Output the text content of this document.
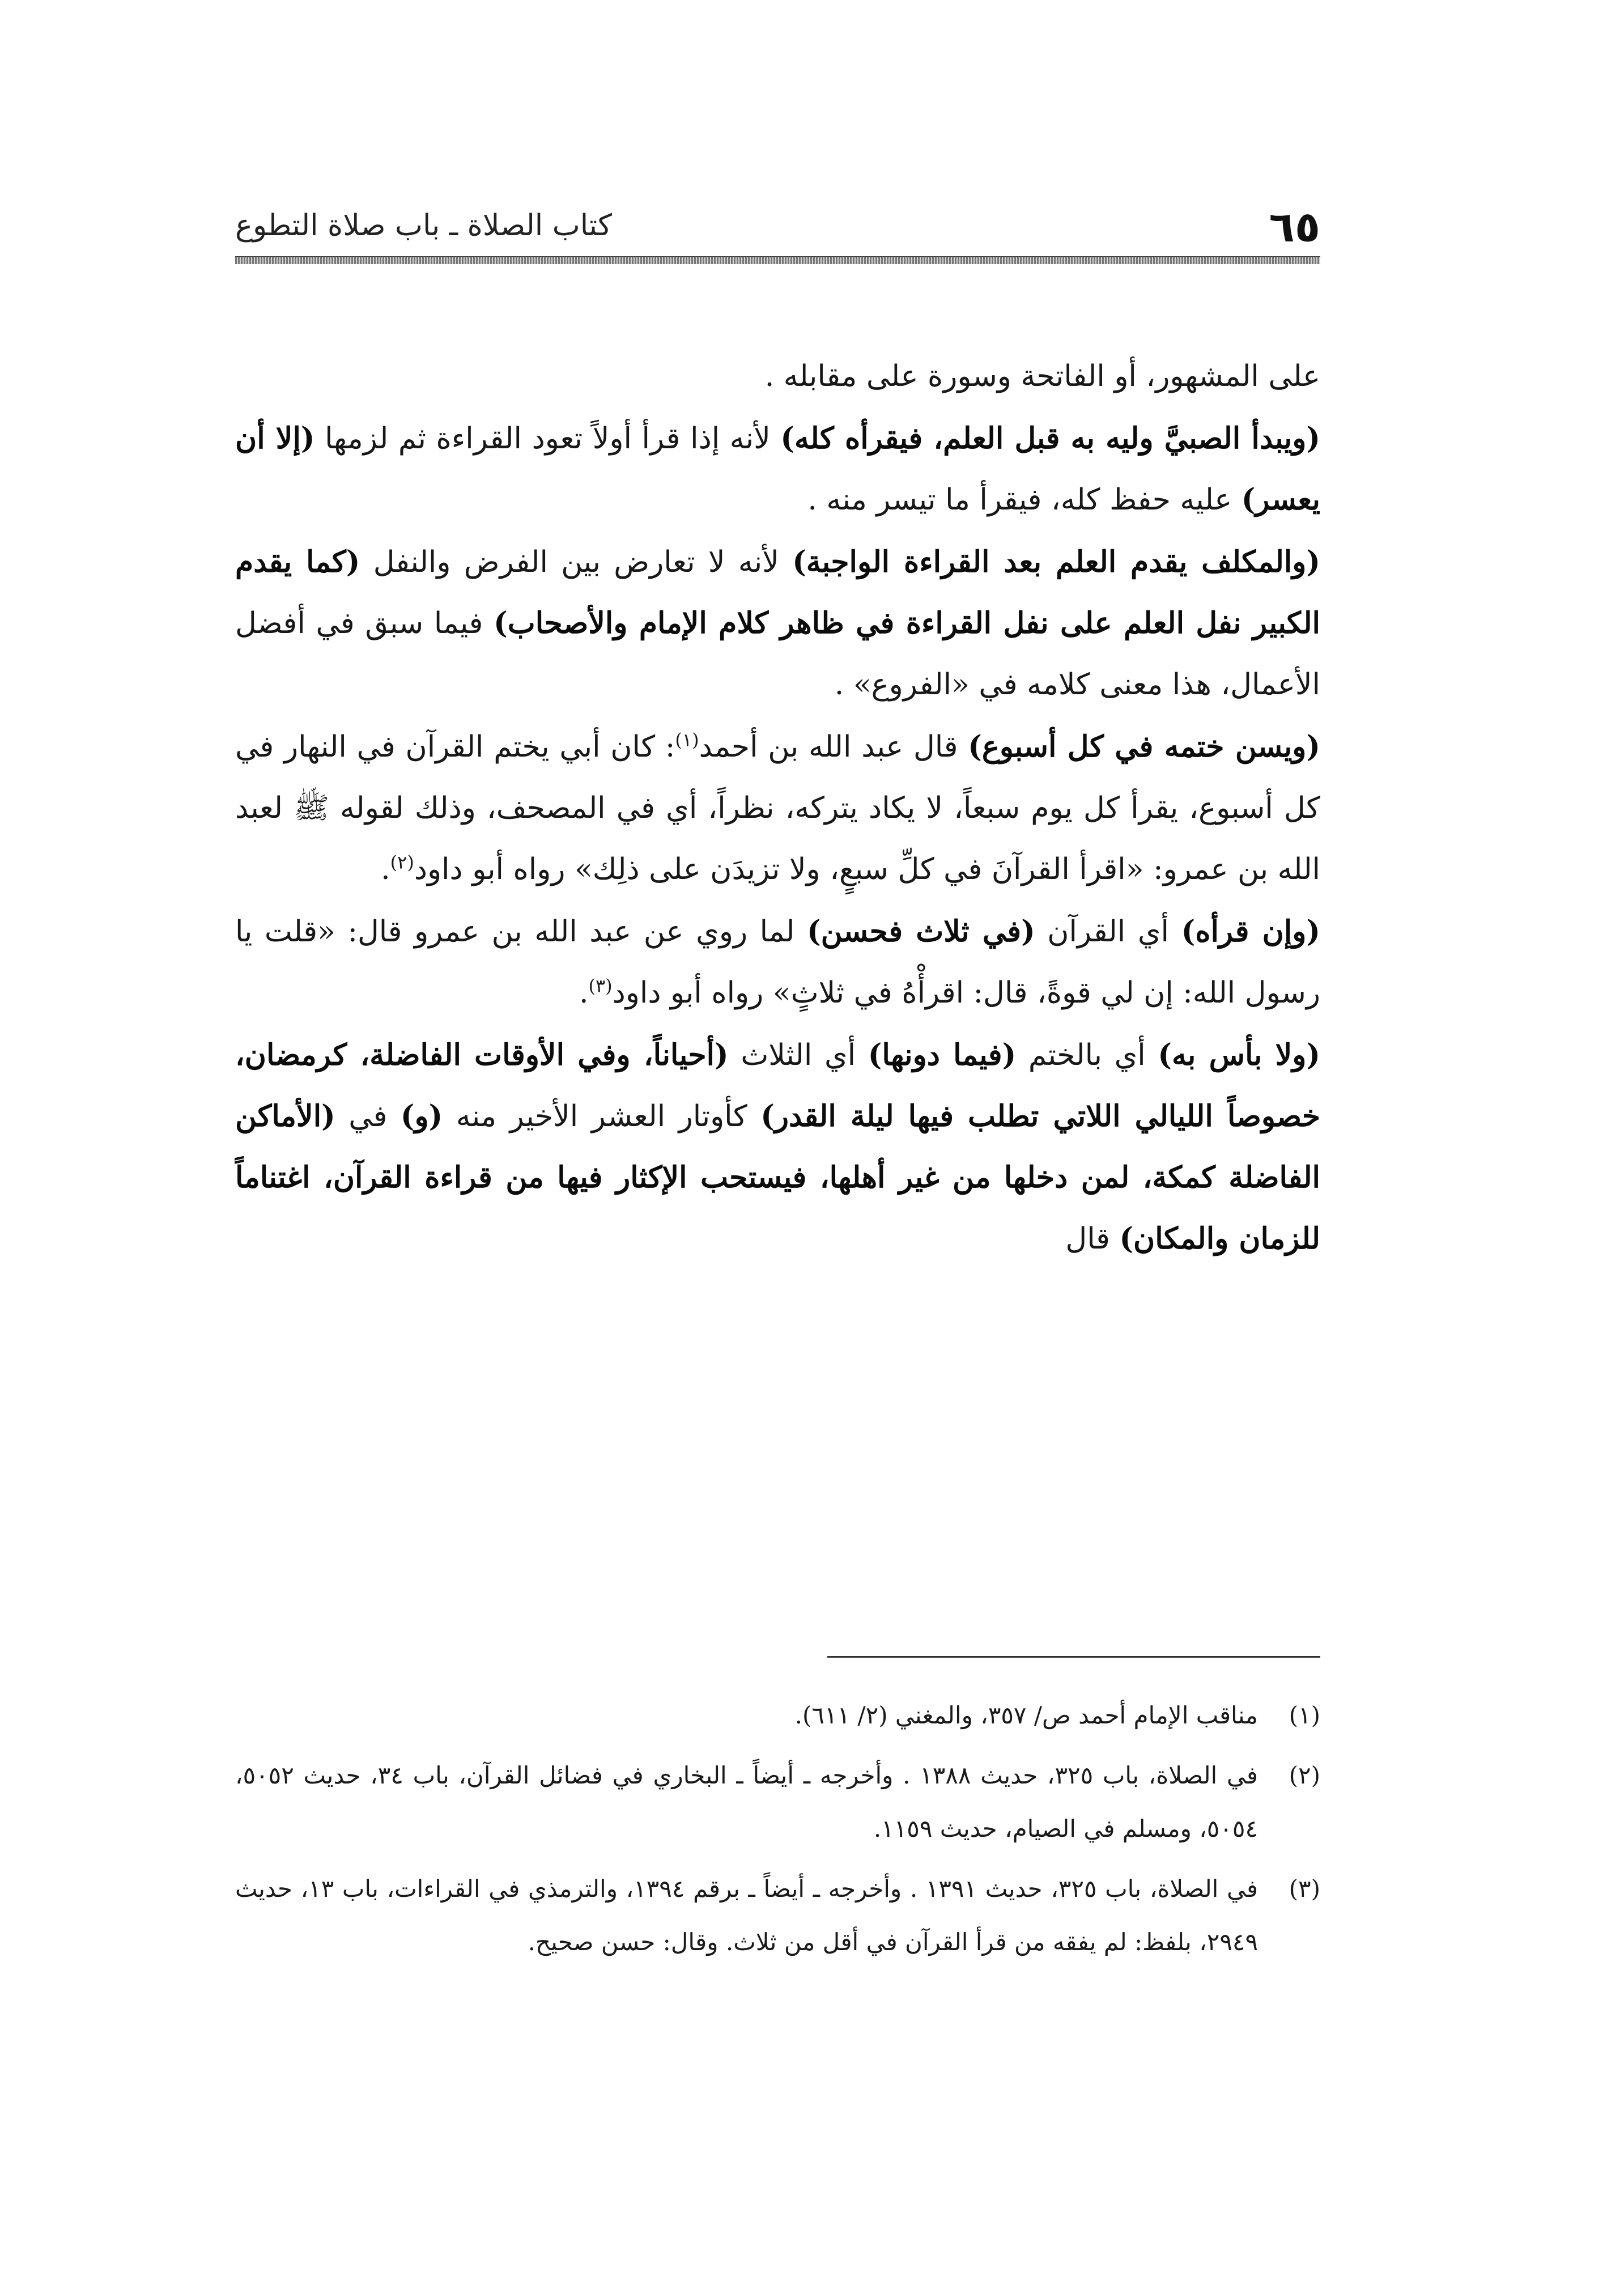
٦٥
كتاب الصلاة ـ باب صلاة التطوع

على المشهور، أو الفاتحة وسورة على مقابله .

(ويبدأ الصبيَّ وليه به قبل العلم، فيقرأه كله) لأنه إذا قرأ أولاً تعود القراءة ثم لزمها (إلا أن يعسر) عليه حفظ كله، فيقرأ ما تيسر منه .

(والمكلف يقدم العلم بعد القراءة الواجبة) لأنه لا تعارض بين الفرض والنفل (كما يقدم الكبير نفل العلم على نفل القراءة في ظاهر كلام الإمام والأصحاب) فيما سبق في أفضل الأعمال، هذا معنى كلامه في «الفروع» .

(ويسن ختمه في كل أسبوع) قال عبد الله بن أحمد$^{(١)}$: كان أبي يختم القرآن في النهار في كل أسبوع، يقرأ كل يوم سبعاً، لا يكاد يتركه، نظراً، أي في المصحف، وذلك لقوله ﷺ لعبد الله بن عمرو: «اقرأ القرآنَ في كلِّ سبعٍ، ولا تزيدَن على ذلِك» رواه أبو داود$^{(٢)}$.

(وإن قرأه) أي القرآن (في ثلاث فحسن) لما روي عن عبد الله بن عمرو قال: «قلت يا رسول الله: إن لي قوةً، قال: اقرأْهُ في ثلاثٍ» رواه أبو داود$^{(٣)}$.

(ولا بأس به) أي بالختم (فيما دونها) أي الثلاث (أحياناً، وفي الأوقات الفاضلة، كرمضان، خصوصاً الليالي اللاتي تطلب فيها ليلة القدر) كأوتار العشر الأخير منه (و) في (الأماكن الفاضلة كمكة، لمن دخلها من غير أهلها، فيستحب الإكثار فيها من قراءة القرآن، اغتناماً للزمان والمكان) قال

(١)
مناقب الإمام أحمد ص/ ٣٥٧، والمغني (٢/ ٦١١).
(٢)
في الصلاة، باب ٣٢٥، حديث ١٣٨٨ . وأخرجه ـ أيضاً ـ البخاري في فضائل القرآن، باب ٣٤، حديث ٥٠٥٢، ٥٠٥٤، ومسلم في الصيام، حديث ١١٥٩.
(٣)
في الصلاة، باب ٣٢٥، حديث ١٣٩١ . وأخرجه ـ أيضاً ـ برقم ١٣٩٤، والترمذي في القراءات، باب ١٣، حديث ٢٩٤٩، بلفظ: لم يفقه من قرأ القرآن في أقل من ثلاث. وقال: حسن صحيح.
